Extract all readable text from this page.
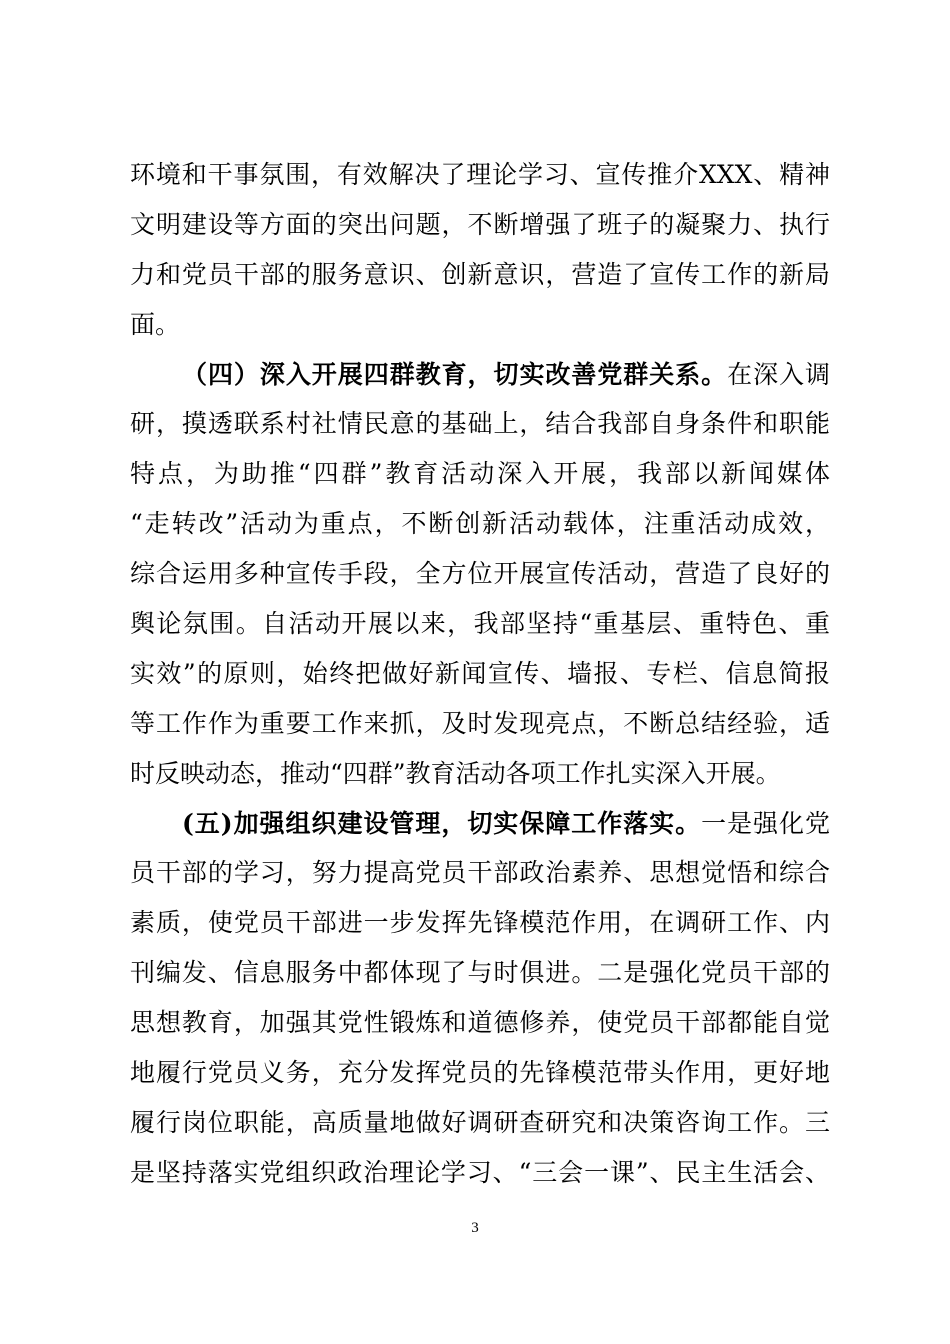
环境和干事氛围，有效解决了理论学习、宣传推介XXX、精神
文明建设等方面的突出问题，不断增强了班子的凝聚力、执行
力和党员干部的服务意识、创新意识，营造了宣传工作的新局
面。
（四）深入开展四群教育，切实改善党群关系。在深入调
研，摸透联系村社情民意的基础上，结合我部自身条件和职能
特点，为助推“四群”教育活动深入开展，我部以新闻媒体
“走转改”活动为重点，不断创新活动载体，注重活动成效，
综合运用多种宣传手段，全方位开展宣传活动，营造了良好的
舆论氛围。自活动开展以来，我部坚持“重基层、重特色、重
实效”的原则，始终把做好新闻宣传、墙报、专栏、信息简报
等工作作为重要工作来抓，及时发现亮点，不断总结经验，适
时反映动态，推动“四群”教育活动各项工作扎实深入开展。
(五)加强组织建设管理，切实保障工作落实。一是强化党
员干部的学习，努力提高党员干部政治素养、思想觉悟和综合
素质，使党员干部进一步发挥先锋模范作用，在调研工作、内
刊编发、信息服务中都体现了与时俱进。二是强化党员干部的
思想教育，加强其党性锻炼和道德修养，使党员干部都能自觉
地履行党员义务，充分发挥党员的先锋模范带头作用，更好地
履行岗位职能，高质量地做好调研查研究和决策咨询工作。三
是坚持落实党组织政治理论学习、“三会一课”、民主生活会、
3
